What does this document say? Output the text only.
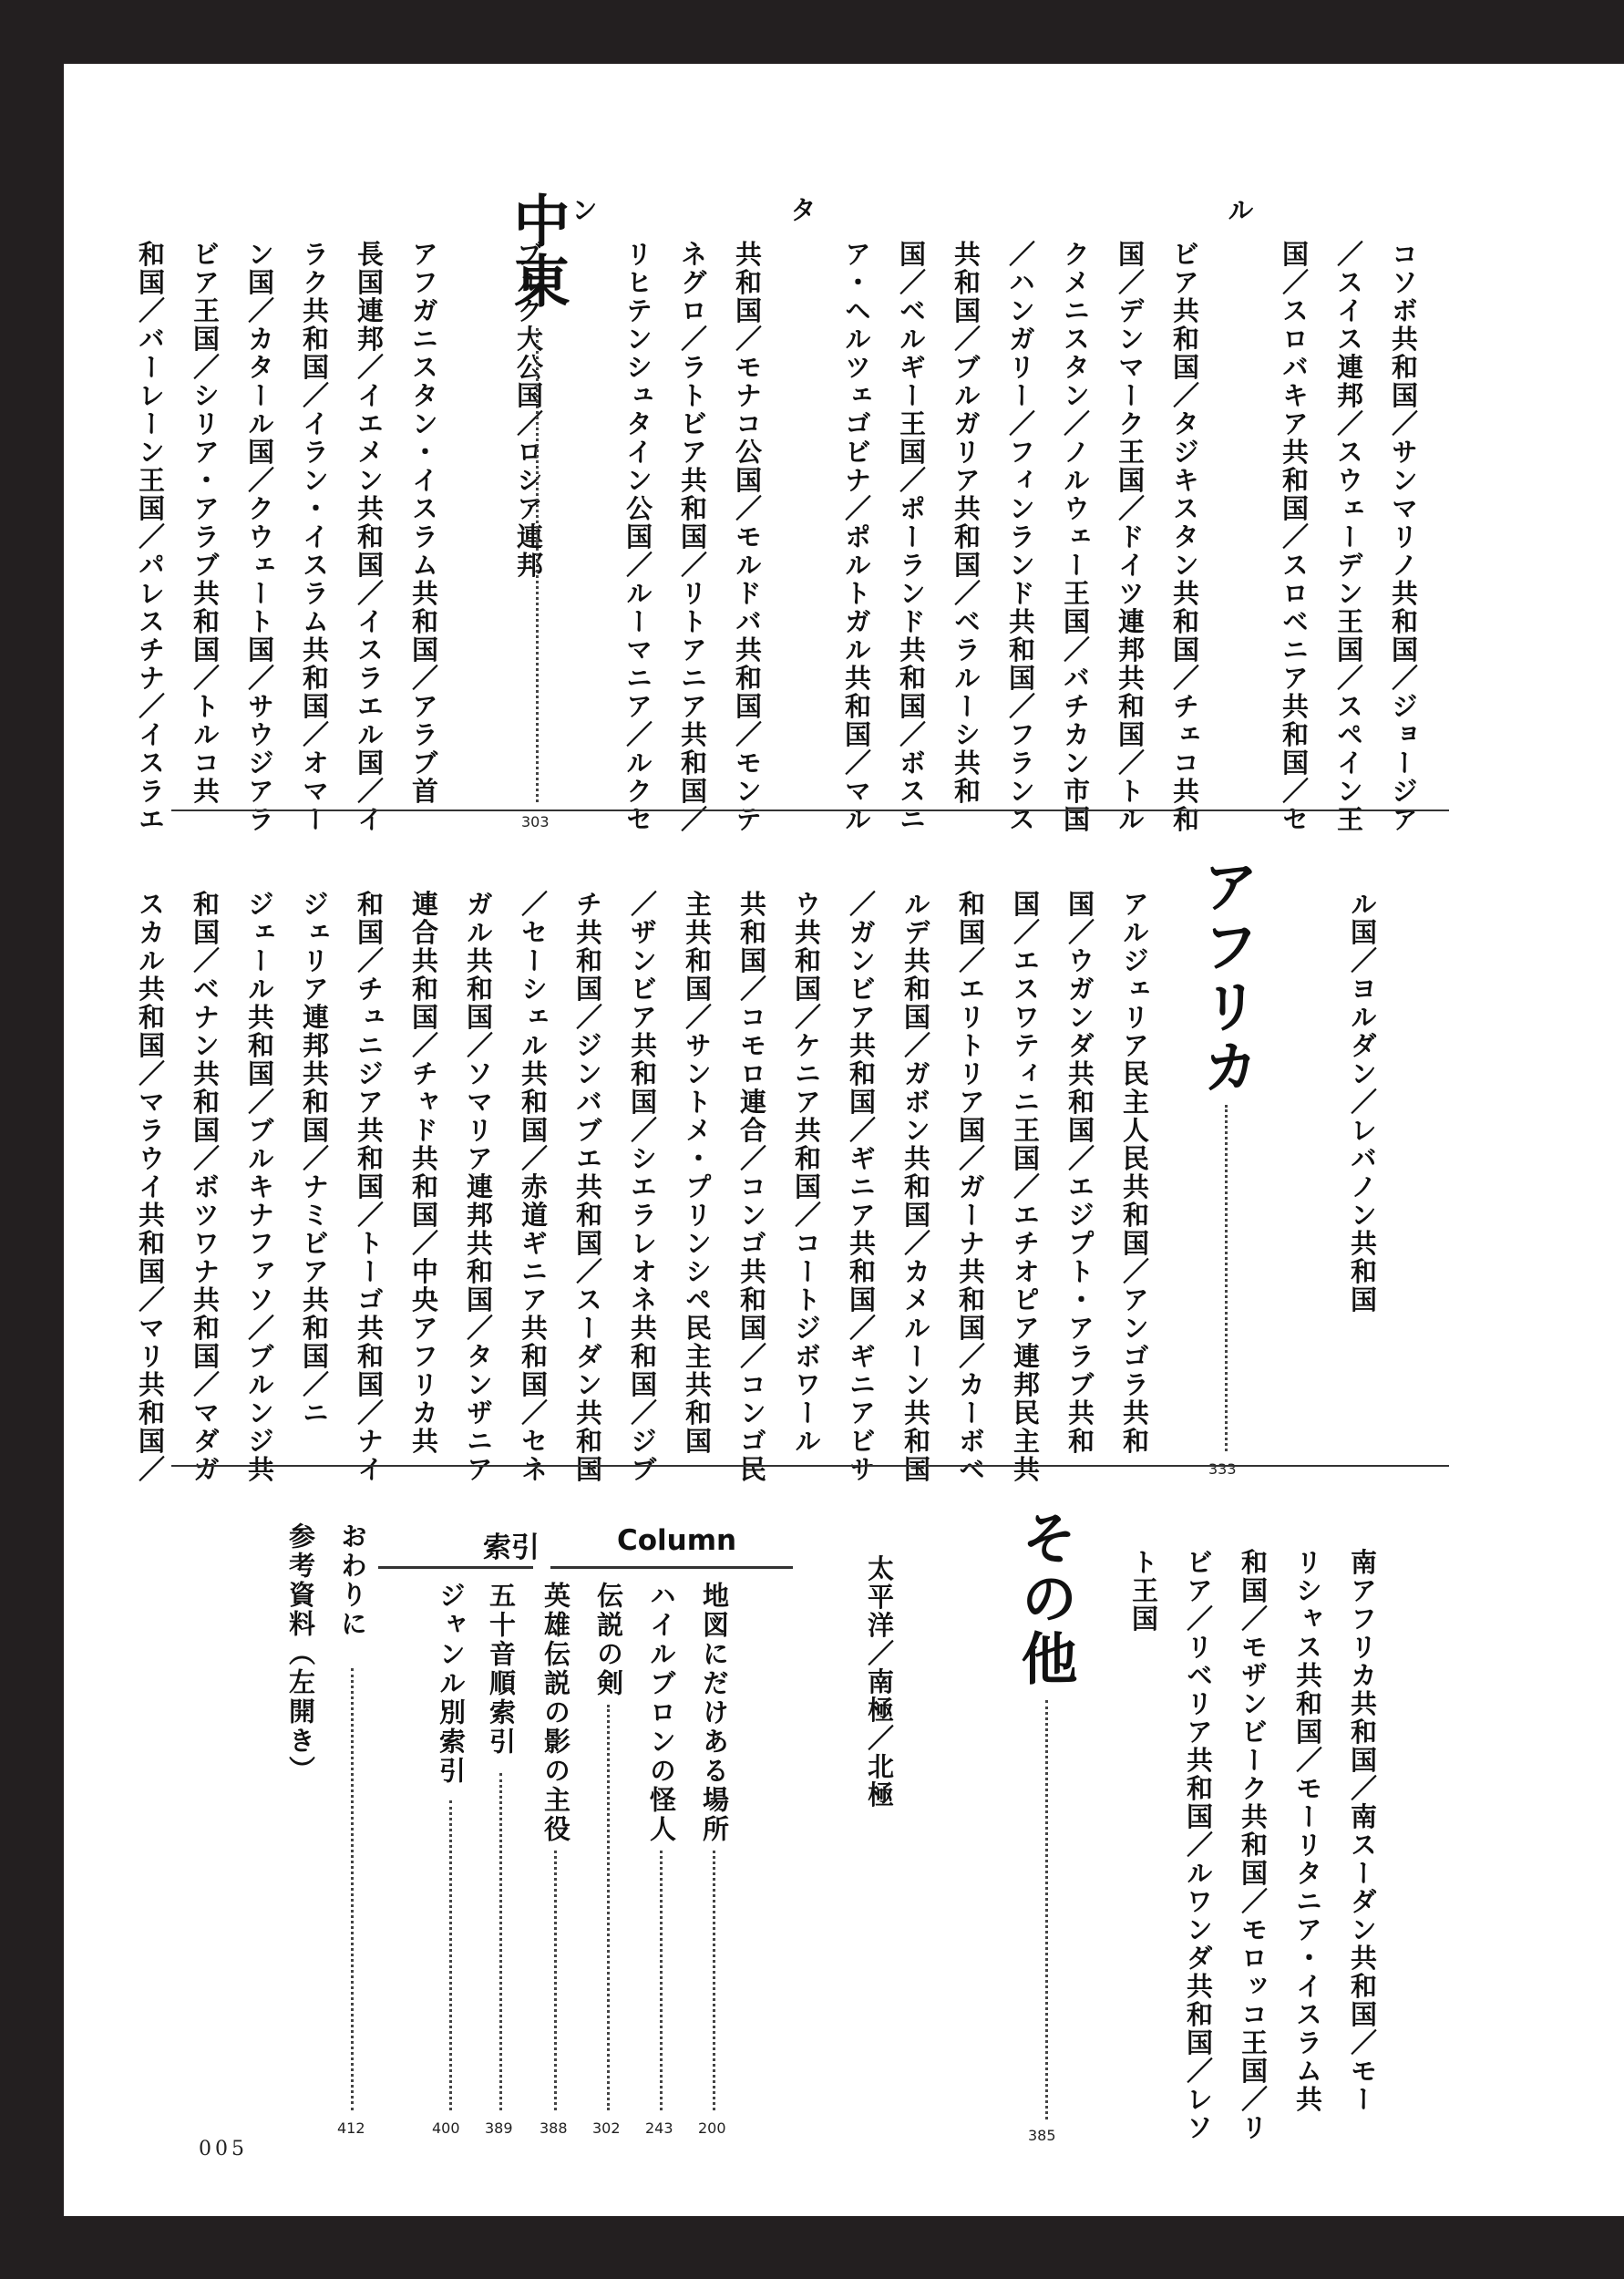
コソボ共和国／サンマリノ共和国／ジョージア
／スイス連邦／スウェーデン王国／スペイン王
国／スロバキア共和国／スロベニア共和国／セル
ビア共和国／タジキスタン共和国／チェコ共和
国／デンマーク王国／ドイツ連邦共和国／トル
クメニスタン／ノルウェー王国／バチカン市国
／ハンガリー／フィンランド共和国／フランス
共和国／ブルガリア共和国／ベラルーシ共和
国／ベルギー王国／ポーランド共和国／ボスニ
ア・ヘルツェゴビナ／ポルトガル共和国／マルタ
共和国／モナコ公国／モルドバ共和国／モンテ
ネグロ／ラトビア共和国／リトアニア共和国／
リヒテンシュタイン公国／ルーマニア／ルクセン
ブルク大公国／ロシア連邦

中東
303

アフガニスタン・イスラム共和国／アラブ首
長国連邦／イエメン共和国／イスラエル国／イ
ラク共和国／イラン・イスラム共和国／オマー
ン国／カタール国／クウェート国／サウジアラ
ビア王国／シリア・アラブ共和国／トルコ共
和国／バーレーン王国／パレスチナ／イスラエ

ル国／ヨルダン／レバノン共和国

アフリカ
333

アルジェリア民主人民共和国／アンゴラ共和
国／ウガンダ共和国／エジプト・アラブ共和
国／エスワティニ王国／エチオピア連邦民主共
和国／エリトリア国／ガーナ共和国／カーボベ
ルデ共和国／ガボン共和国／カメルーン共和国
／ガンビア共和国／ギニア共和国／ギニアビサ
ウ共和国／ケニア共和国／コートジボワール
共和国／コモロ連合／コンゴ共和国／コンゴ民
主共和国／サントメ・プリンシペ民主共和国
／ザンビア共和国／シエラレオネ共和国／ジブ
チ共和国／ジンバブエ共和国／スーダン共和国
／セーシェル共和国／赤道ギニア共和国／セネ
ガル共和国／ソマリア連邦共和国／タンザニア
連合共和国／チャド共和国／中央アフリカ共
和国／チュニジア共和国／トーゴ共和国／ナイ
ジェリア連邦共和国／ナミビア共和国／ニ
ジェール共和国／ブルキナファソ／ブルンジ共
和国／ベナン共和国／ボツワナ共和国／マダガ
スカル共和国／マラウイ共和国／マリ共和国／

南アフリカ共和国／南スーダン共和国／モー
リシャス共和国／モーリタニア・イスラム共
和国／モザンビーク共和国／モロッコ王国／リ
ビア／リベリア共和国／ルワンダ共和国／レソ
ト王国

その他
385

太平洋／南極／北極

Column
地図にだけある場所
200
ハイルブロンの怪人
243
伝説の剣
302
英雄伝説の影の主役
388
索引
五十音順索引
389
ジャンル別索引
400
おわりに
412
参考資料（左開き）
005
